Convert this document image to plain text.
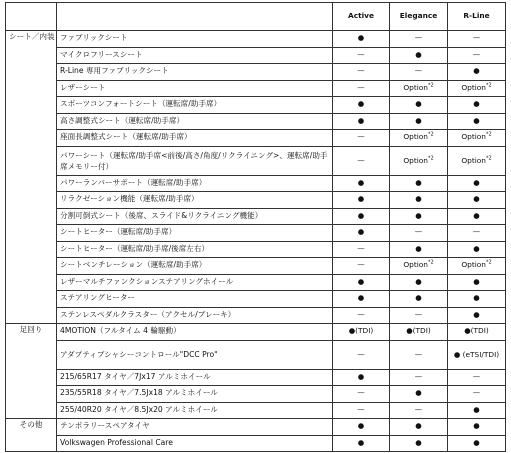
		Active	Elegance	R-Line
シート／内装	ファブリックシート	●	—	—
	マイクロフリースシート	—	●	—
	R-Line 専用ファブリックシート	—	—	●
	レザーシート	—	Option$^{*2}$	Option$^{*2}$
	スポーツコンフォートシート（運転席/助手席）	●	●	●
	高さ調整式シート（運転席/助手席）	●	●	●
	座面長調整式シート（運転席/助手席）	—	Option$^{*2}$	Option$^{*2}$
	パワーシート（運転席/助手席<前後/高さ/角度/リクライニング>、運転席/助手席メモリー付）	—	Option$^{*2}$	Option$^{*2}$
	パワーランバーサポート（運転席/助手席）	●	●	●
	リラクゼーション機能（運転席/助手席）	●	●	●
	分割可倒式シート（後席、スライド&リクライニング機能）	●	●	●
	シートヒーター（運転席/助手席）	●	—	—
	シートヒーター（運転席/助手席/後席左右）	—	●	●
	シートベンチレーション（運転席/助手席）	—	Option$^{*2}$	Option$^{*2}$
	レザーマルチファンクションステアリングホイール	●	●	●
	ステアリングヒーター	●	●	●
	ステンレスペダルクラスター（アクセル/ブレーキ）	—	—	●
足回り	4MOTION（フルタイム 4 輪駆動）	●(TDI)	●(TDI)	●(TDI)
	アダプティブシャシーコントロール"DCC Pro"	—	—	● (eTSI/TDI)
	215/65R17 タイヤ／7Jx17 アルミホイール	●	—	—
	235/55R18 タイヤ／7.5Jx18 アルミホイール	—	●	—
	255/40R20 タイヤ／8.5Jx20 アルミホイール	—	—	●
その他	テンポラリースペアタイヤ	●	●	●
	Volkswagen Professional Care	●	●	●
